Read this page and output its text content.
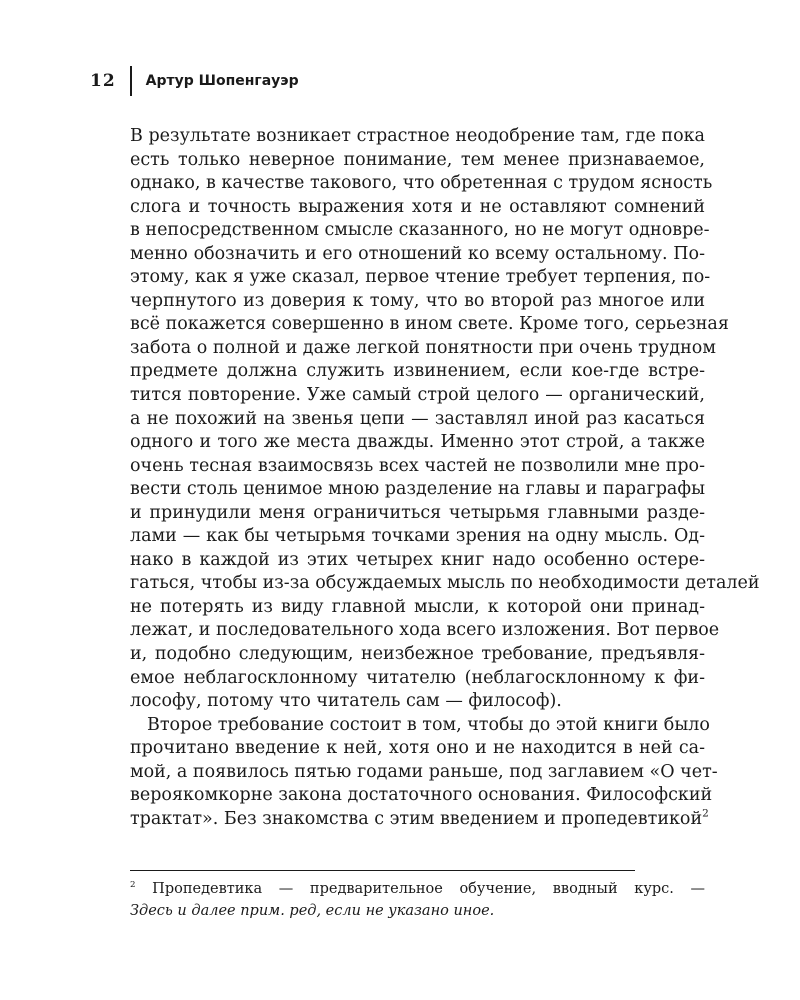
12 Артур Шопенгауэр
В результате возникает страстное неодобрение там, где пока
есть только неверное понимание, тем менее признаваемое,
однако, в качестве такового, что обретенная с трудом ясность
слога и точность выражения хотя и не оставляют сомнений
в непосредственном смысле сказанного, но не могут одновре-
менно обозначить и его отношений ко всему остальному. По-
этому, как я уже сказал, первое чтение требует терпения, по-
черпнутого из доверия к тому, что во второй раз многое или
всё покажется совершенно в ином свете. Кроме того, серьезная
забота о полной и даже легкой понятности при очень трудном
предмете должна служить извинением, если кое-где встре-
тится повторение. Уже самый строй целого — органический,
а не похожий на звенья цепи — заставлял иной раз касаться
одного и того же места дважды. Именно этот строй, а также
очень тесная взаимосвязь всех частей не позволили мне про-
вести столь ценимое мною разделение на главы и параграфы
и принудили меня ограничиться четырьмя главными разде-
лами — как бы четырьмя точками зрения на одну мысль. Од-
нако в каждой из этих четырех книг надо особенно остере-
гаться, чтобы из-за обсуждаемых мысль по необходимости деталей
не потерять из виду главной мысли, к которой они принад-
лежат, и последовательного хода всего изложения. Вот первое
и, подобно следующим, неизбежное требование, предъявля-
емое неблагосклонному читателю (неблагосклонному к фи-
лософу, потому что читатель сам — философ).
Второе требование состоит в том, чтобы до этой книги было
прочитано введение к ней, хотя оно и не находится в ней са-
мой, а появилось пятью годами раньше, под заглавием «О чет-
вероякомкорне закона достаточного основания. Философский
трактат». Без знакомства с этим введением и пропедевтикой$^2$
$^2$ Пропедевтика — предварительное обучение, вводный курс. —
Здесь и далее прим. ред, если не указано иное.
